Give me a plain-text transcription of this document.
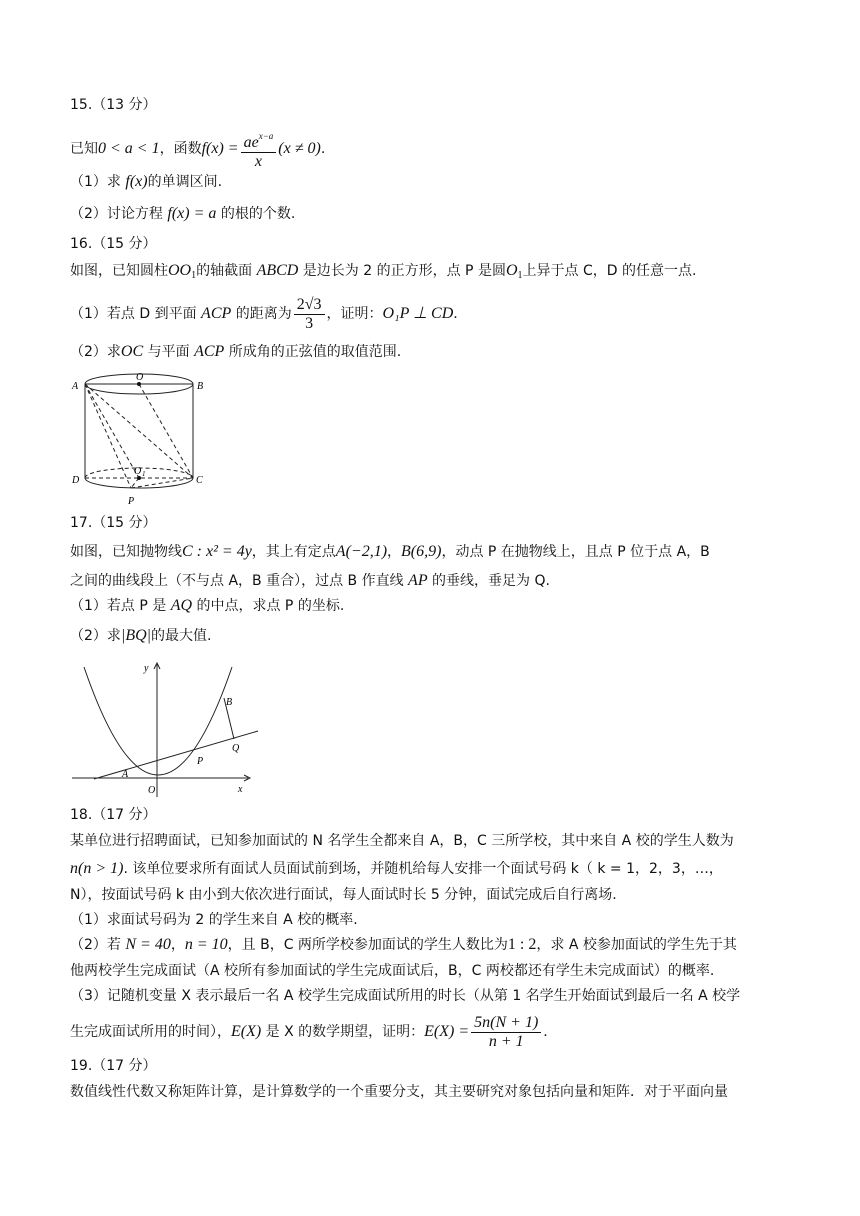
15.（13 分）
已知0 < a < 1，函数$f(x) = \frac{ae^{x-a}}{x} (x \ne 0)$.
（1）求 f(x)的单调区间.
（2）讨论方程 f(x) = a 的根的个数.
16.（15 分）
如图，已知圆柱$OO_1$的轴截面 ABCD 是边长为 2 的正方形，点 P 是圆$O_1$上异于点 C，D 的任意一点.
（1）若点 D 到平面 ACP 的距离为 $\frac{2√3}{3}$ ，证明：O₁P ⊥ CD.
（2）求OC 与平面 ACP 所成角的正弦值的取值范围.
A
O
B
D
O 1
C
P
17.（15 分）
如图，已知抛物线C : x² = 4y，其上有定点A(−2,1)，B(6,9)，动点 P 在抛物线上，且点 P 位于点 A，B
之间的曲线段上（不与点 A，B 重合），过点 B 作直线 AP 的垂线，垂足为 Q.
（1）若点 P 是 AQ 的中点，求点 P 的坐标.
（2）求|BQ|的最大值.
y
x
O
A
B
P
Q
18.（17 分）
某单位进行招聘面试，已知参加面试的 N 名学生全都来自 A，B，C 三所学校，其中来自 A 校的学生人数为
n(n > 1). 该单位要求所有面试人员面试前到场，并随机给每人安排一个面试号码 k（ k = 1，2，3，…，
N），按面试号码 k 由小到大依次进行面试，每人面试时长 5 分钟，面试完成后自行离场.
（1）求面试号码为 2 的学生来自 A 校的概率.
（2）若 N = 40，n = 10，且 B，C 两所学校参加面试的学生人数比为1 : 2，求 A 校参加面试的学生先于其
他两校学生完成面试（A 校所有参加面试的学生完成面试后，B，C 两校都还有学生未完成面试）的概率.
（3）记随机变量 X 表示最后一名 A 校学生完成面试所用的时长（从第 1 名学生开始面试到最后一名 A 校学
生完成面试所用的时间），E(X) 是 X 的数学期望，证明：$E(X) = \frac{5n(N + 1)}{n + 1}$ .
19.（17 分）
数值线性代数又称矩阵计算，是计算数学的一个重要分支，其主要研究对象包括向量和矩阵．对于平面向量
